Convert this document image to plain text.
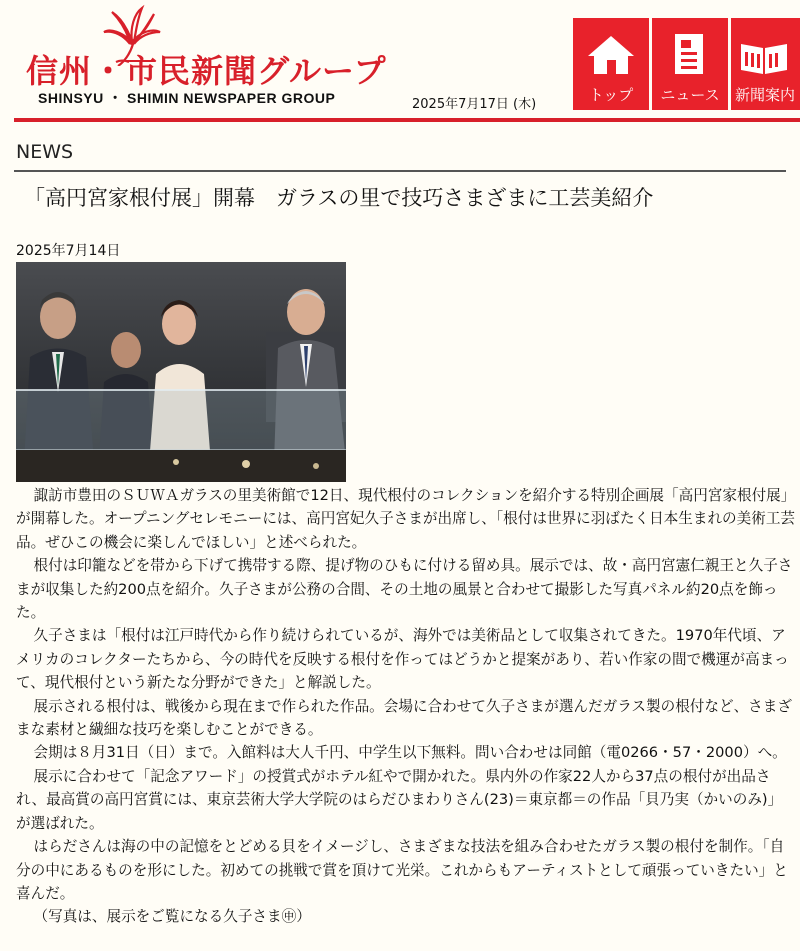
信州・市民新聞グループ
SHINSYU ・ SHIMIN NEWSPAPER GROUP	2025年7月17日 (木)
トップ ニュース 新聞案内
NEWS
「高円宮家根付展」開幕　ガラスの里で技巧さまざまに工芸美紹介
2025年7月14日

諏訪市豊田のＳＵＷＡガラスの里美術館で12日、現代根付のコレクションを紹介する特別企画展「高円宮家根付展」が開幕した。オープニングセレモニーには、高円宮妃久子さまが出席し、「根付は世界に羽ばたく日本生まれの美術工芸品。ぜひこの機会に楽しんでほしい」と述べられた。

根付は印籠などを帯から下げて携帯する際、提げ物のひもに付ける留め具。展示では、故・高円宮憲仁親王と久子さまが収集した約200点を紹介。久子さまが公務の合間、その土地の風景と合わせて撮影した写真パネル約20点を飾った。

久子さまは「根付は江戸時代から作り続けられているが、海外では美術品として収集されてきた。1970年代頃、アメリカのコレクターたちから、今の時代を反映する根付を作ってはどうかと提案があり、若い作家の間で機運が高まって、現代根付という新たな分野ができた」と解説した。

展示される根付は、戦後から現在まで作られた作品。会場に合わせて久子さまが選んだガラス製の根付など、さまざまな素材と繊細な技巧を楽しむことができる。

会期は８月31日（日）まで。入館料は大人千円、中学生以下無料。問い合わせは同館（電0266・57・2000）へ。

展示に合わせて「記念アワード」の授賞式がホテル紅やで開かれた。県内外の作家22人から37点の根付が出品され、最高賞の高円宮賞には、東京芸術大学大学院のはらだひまわりさん(23)＝東京都＝の作品「貝乃実（かいのみ)」が選ばれた。

はらださんは海の中の記憶をとどめる貝をイメージし、さまざまな技法を組み合わせたガラス製の根付を制作。「自分の中にあるものを形にした。初めての挑戦で賞を頂けて光栄。これからもアーティストとして頑張っていきたい」と喜んだ。

（写真は、展示をご覧になる久子さま㊥）
